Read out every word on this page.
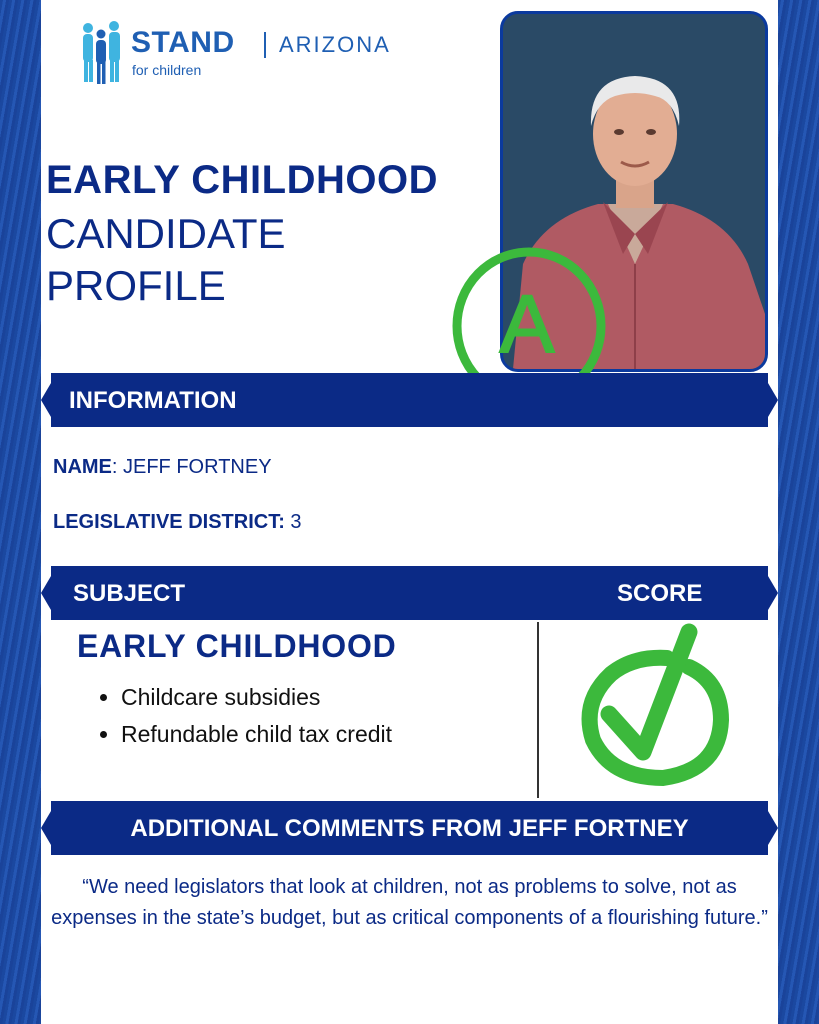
STAND
for children
ARIZONA
EARLY CHILDHOOD
CANDIDATE
PROFILE	A
INFORMATION
NAME: JEFF FORTNEY
LEGISLATIVE DISTRICT: 3
SUBJECT	SCORE
EARLY CHILDHOOD
• Childcare subsidies
• Refundable child tax credit
ADDITIONAL COMMENTS FROM JEFF FORTNEY
“We need legislators that look at children, not as problems to solve, not as expenses in the state’s budget, but as critical components of a flourishing future.”
